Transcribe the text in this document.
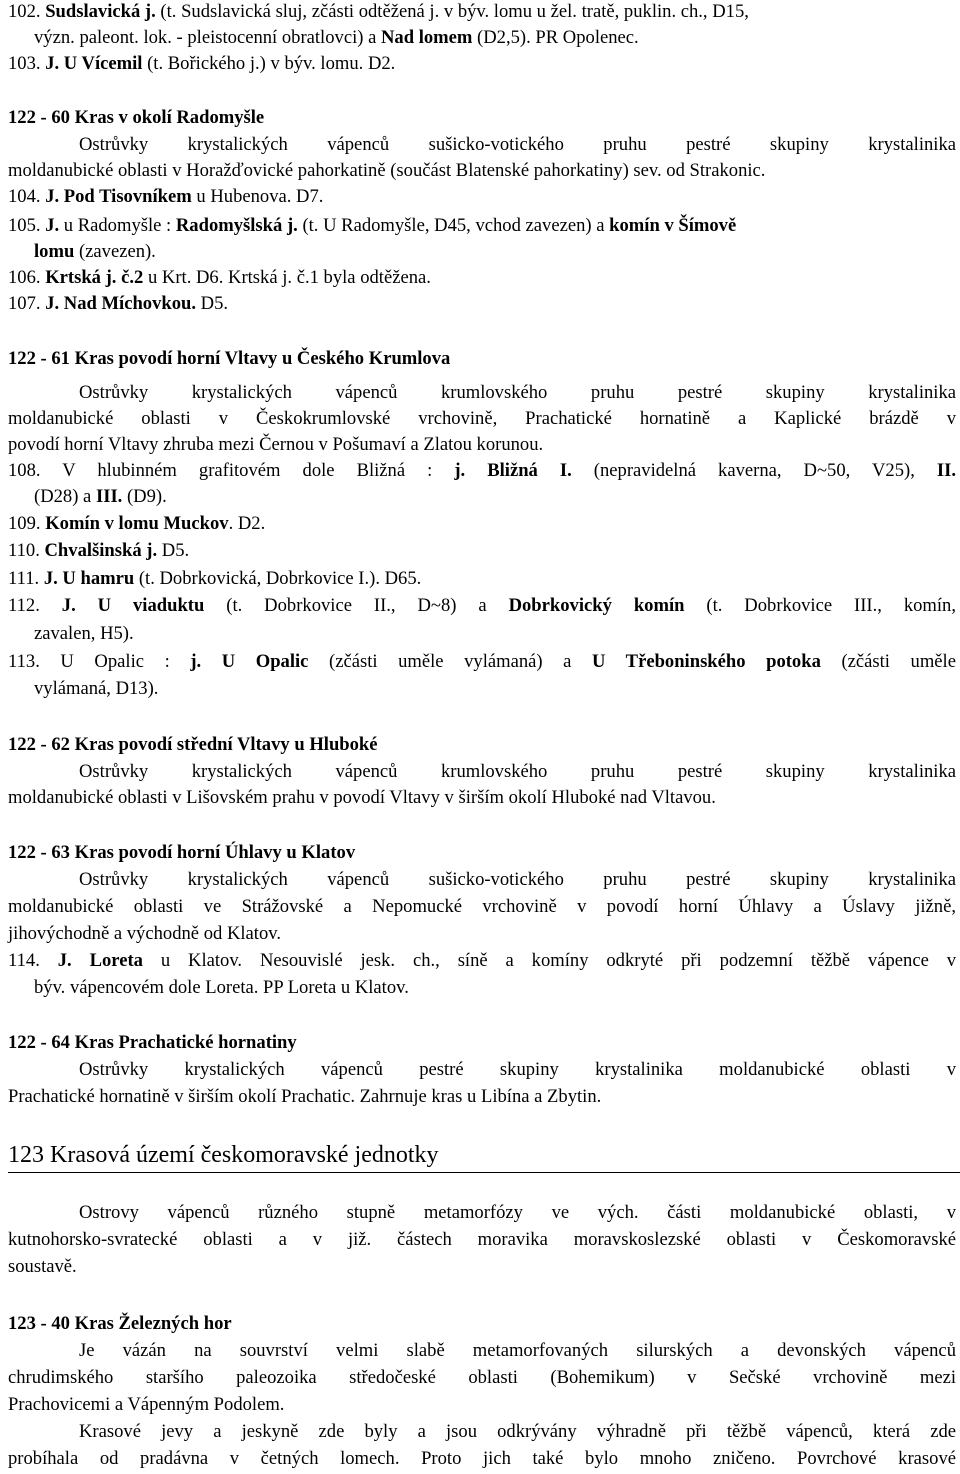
123 Krasová území českomoravské jednotky
102. Sudslavická j. (t. Sudslavická sluj, zčásti odtěžená j. v býv. lomu u žel. tratě, puklin. ch., D15,
význ. paleont. lok. - pleistocenní obratlovci) a Nad lomem (D2,5). PR Opolenec.
103. J. U Vícemil (t. Bořického j.) v býv. lomu. D2.
122 - 60 Kras v okolí Radomyšle
Ostrůvky krystalických vápenců sušicko-votického pruhu pestré skupiny krystalinika
moldanubické oblasti v Horažďovické pahorkatině (součást Blatenské pahorkatiny) sev. od Strakonic.
104. J. Pod Tisovníkem u Hubenova. D7.
105. J. u Radomyšle : Radomyšlská j. (t. U Radomyšle, D45, vchod zavezen) a komín v Šímově
lomu (zavezen).
106. Krtská j. č.2 u Krt. D6. Krtská j. č.1 byla odtěžena.
107. J. Nad Míchovkou. D5.
122 - 61 Kras povodí horní Vltavy u Českého Krumlova
Ostrůvky krystalických vápenců krumlovského pruhu pestré skupiny krystalinika
moldanubické oblasti v Českokrumlovské vrchovině, Prachatické hornatině a Kaplické brázdě v
povodí horní Vltavy zhruba mezi Černou v Pošumaví a Zlatou korunou.
108. V hlubinném grafitovém dole Bližná : j. Bližná I. (nepravidelná kaverna, D~50, V25), II.
(D28) a III. (D9).
109. Komín v lomu Muckov. D2.
110. Chvalšinská j. D5.
111. J. U hamru (t. Dobrkovická, Dobrkovice I.). D65.
112. J. U viaduktu (t. Dobrkovice II., D~8) a Dobrkovický komín (t. Dobrkovice III., komín,
zavalen, H5).
113. U Opalic : j. U Opalic (zčásti uměle vylámaná) a U Třeboninského potoka (zčásti uměle
vylámaná, D13).
122 - 62 Kras povodí střední Vltavy u Hluboké
Ostrůvky krystalických vápenců krumlovského pruhu pestré skupiny krystalinika
moldanubické oblasti v Lišovském prahu v povodí Vltavy v širším okolí Hluboké nad Vltavou.
122 - 63 Kras povodí horní Úhlavy u Klatov
Ostrůvky krystalických vápenců sušicko-votického pruhu pestré skupiny krystalinika
moldanubické oblasti ve Strážovské a Nepomucké vrchovině v povodí horní Úhlavy a Úslavy jižně,
jihovýchodně a východně od Klatov.
114. J. Loreta u Klatov. Nesouvislé jesk. ch., síně a komíny odkryté při podzemní těžbě vápence v
býv. vápencovém dole Loreta. PP Loreta u Klatov.
122 - 64 Kras Prachatické hornatiny
Ostrůvky krystalických vápenců pestré skupiny krystalinika moldanubické oblasti v
Prachatické hornatině v širším okolí Prachatic. Zahrnuje kras u Libína a Zbytin.
Ostrovy vápenců různého stupně metamorfózy ve vých. části moldanubické oblasti, v
kutnohorsko-svratecké oblasti a v již. částech moravika moravskoslezské oblasti v Českomoravské
soustavě.
123 - 40 Kras Železných hor
Je vázán na souvrství velmi slabě metamorfovaných silurských a devonských vápenců
chrudimského staršího paleozoika středočeské oblasti (Bohemikum) v Sečské vrchovině mezi
Prachovicemi a Vápenným Podolem.
Krasové jevy a jeskyně zde byly a jsou odkrývány výhradně při těžbě vápenců, která zde
probíhala od pradávna v četných lomech. Proto jich také bylo mnoho zničeno. Povrchové krasové
